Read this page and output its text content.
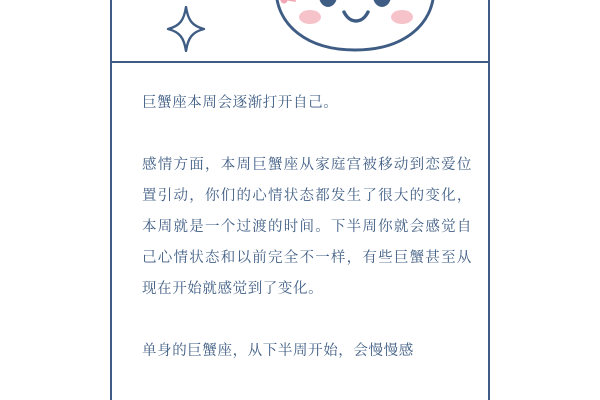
巨蟹座本周会逐渐打开自己。

感情方面，本周巨蟹座从家庭宫被移动到恋爱位置引动，你们的心情状态都发生了很大的变化，本周就是一个过渡的时间。下半周你就会感觉自己心情状态和以前完全不一样，有些巨蟹甚至从现在开始就感觉到了变化。

单身的巨蟹座，从下半周开始，会慢慢感
